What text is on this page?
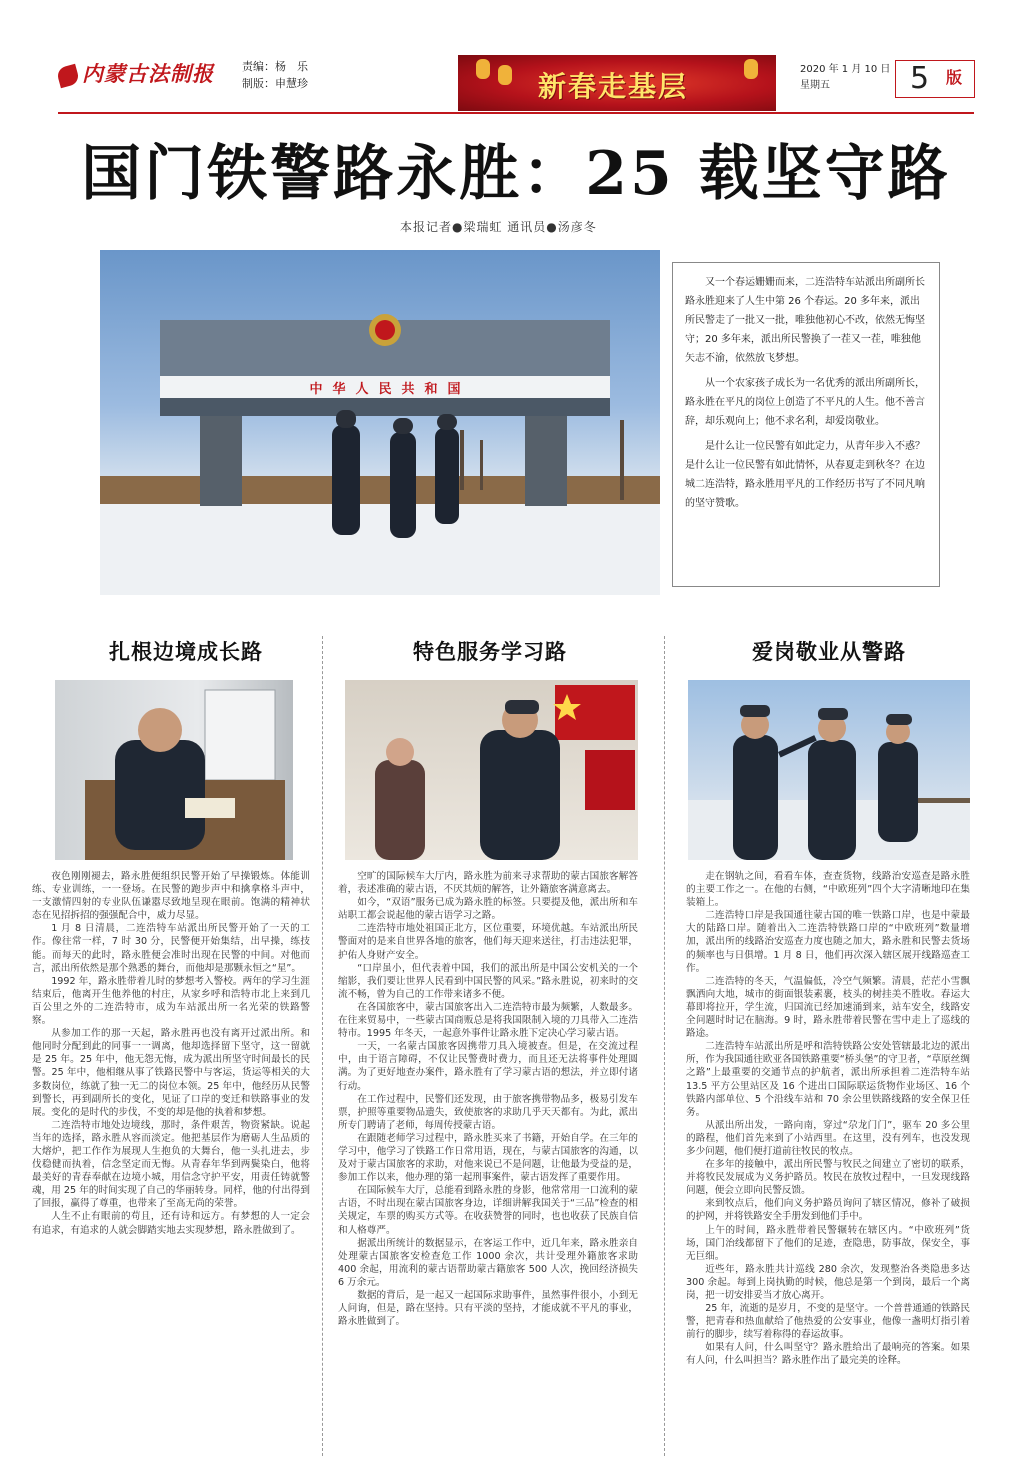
内蒙古法制报	责编：杨　乐
制版：申慧珍	新春走基层
2020 年 1 月 10 日
星期五	5 版
国门铁警路永胜：25 载坚守路
本报记者●梁瑞虹 通讯员●汤彦冬
中华人民共和国

又一个春运姗姗而来，二连浩特车站派出所副所长路永胜迎来了人生中第 26 个春运。20 多年来，派出所民警走了一批又一批，唯独他初心不改，依然无悔坚守；20 多年来，派出所民警换了一茬又一茬，唯独他矢志不渝，依然放飞梦想。

从一个农家孩子成长为一名优秀的派出所副所长，路永胜在平凡的岗位上创造了不平凡的人生。他不善言辞，却乐观向上；他不求名利，却爱岗敬业。

是什么让一位民警有如此定力，从青年步入不惑？是什么让一位民警有如此情怀，从春夏走到秋冬？在边城二连浩特，路永胜用平凡的工作经历书写了不同凡响的坚守赞歌。

扎根边境成长路	特色服务学习路	爱岗敬业从警路

夜色刚刚褪去，路永胜便组织民警开始了早操锻炼。体能训练、专业训练，一一登场。在民警的跑步声中和擒拿格斗声中，一支激情四射的专业队伍谦嚣尽致地呈现在眼前。饱满的精神状态在见招拆招的强强配合中，威力尽显。

1 月 8 日清晨，二连浩特车站派出所民警开始了一天的工作。像往常一样，7 时 30 分，民警便开始集结，出早操，练技能。而每天的此时，路永胜便会准时出现在民警的中间。对他而言，派出所依然是那个熟悉的舞台，而他却是那颗永恒之“星”。

1992 年，路永胜带着儿时的梦想考入警校。两年的学习生涯结束后，他离开生他养他的村庄，从家乡呼和浩特市北上来到几百公里之外的二连浩特市，成为车站派出所一名光荣的铁路警察。

从参加工作的那一天起，路永胜再也没有离开过派出所。和他同时分配到此的同事一一调离，他却选择留下坚守，这一留就是 25 年。25 年中，他无怨无悔，成为派出所坚守时间最长的民警。25 年中，他相继从事了铁路民警中与客运，货运等相关的大多数岗位，练就了独一无二的岗位本领。25 年中，他经历从民警到警长，再到副所长的变化，见证了口岸的变迁和铁路事业的发展。变化的是时代的步伐，不变的却是他的执着和梦想。

二连浩特市地处边境线，那时，条件艰苦，物资紧缺。说起当年的选择，路永胜从容而淡定。他把基层作为磨砺人生品质的大熔炉，把工作作为展现人生抱负的大舞台，他一头扎进去，步伐稳健而执着，信念坚定而无悔。从青春年华到两鬓染白，他将最美好的青春奉献在边境小城，用信念守护平安，用责任铸就警魂，用 25 年的时间实现了自己的华丽转身。同样，他的付出得到了回报，赢得了尊重，也带来了至高无尚的荣誉。

人生不止有眼前的苟且，还有诗和远方。有梦想的人一定会有追求，有追求的人就会脚踏实地去实现梦想，路永胜做到了。

空旷的国际候车大厅内，路永胜为前来寻求帮助的蒙古国旅客解答着，表述准确的蒙古语，不厌其烦的解答，让外籍旅客满意离去。

如今，“双语”服务已成为路永胜的标签。只要提及他，派出所和车站职工都会说起他的蒙古语学习之路。

二连浩特市地处祖国正北方，区位重要，环境优越。车站派出所民警面对的是来自世界各地的旅客，他们每天迎来送往，打击违法犯罪，护佑人身财产安全。

“口岸虽小，但代表着中国，我们的派出所是中国公安机关的一个缩影，我们要让世界人民看到中国民警的风采。”路永胜说，初来时的交流不畅，曾为自己的工作带来诸多不便。

在各国旅客中，蒙古国旅客出入二连浩特市最为频繁，人数最多。在往来贸易中，一些蒙古国商贩总是将我国限制入境的刀具带入二连浩特市。1995 年冬天，一起意外事件让路永胜下定决心学习蒙古语。

一天，一名蒙古国旅客因携带刀具入境被查。但是，在交流过程中，由于语言障碍，不仅让民警费时费力，而且还无法将事件处理圆满。为了更好地查办案件，路永胜有了学习蒙古语的想法，并立即付诸行动。

在工作过程中，民警们还发现，由于旅客携带物品多，极易引发车票，护照等重要物品遗失，致使旅客的求助几乎天天都有。为此，派出所专门聘请了老师，每周传授蒙古语。

在跟随老师学习过程中，路永胜买来了书籍，开始自学。在三年的学习中，他学习了铁路工作日常用语，现在，与蒙古国旅客的沟通，以及对于蒙古国旅客的求助，对他来说已不是问题，让他最为受益的是，参加工作以来，他办理的第一起刑事案件，蒙古语发挥了重要作用。

在国际候车大厅，总能看到路永胜的身影，他常常用一口流利的蒙古语，不时出现在蒙古国旅客身边，详细讲解我国关于“三品”检查的相关规定，车票的购买方式等。在收获赞誉的同时，也也收获了民族自信和人格尊严。

据派出所统计的数据显示，在客运工作中，近几年来，路永胜亲自处理蒙古国旅客安检查危工作 1000 余次，共计受理外籍旅客求助 400 余起，用流利的蒙古语帮助蒙古籍旅客 500 人次，挽回经济损失 6 万余元。

数据的背后，是一起又一起国际求助事件，虽然事件很小，小到无人问询，但是，路在坚持。只有平淡的坚持，才能成就不平凡的事业，路永胜做到了。

走在钢轨之间，看看车体，查查货物，线路治安巡查是路永胜的主要工作之一。在他的右侧，“中欧班列”四个大字清晰地印在集装箱上。

二连浩特口岸是我国通往蒙古国的唯一铁路口岸，也是中蒙最大的陆路口岸。随着出入二连浩特铁路口岸的“中欧班列”数量增加，派出所的线路治安巡查力度也随之加大，路永胜和民警去货场的频率也与日俱增。1 月 8 日，他们再次深入辖区展开线路巡查工作。

二连浩特的冬天，气温偏低，冷空气频繁。清晨，茫茫小雪飘飘洒向大地，城市的街面银装素裹，枝头的树挂美不胜收。春运大幕即将拉开，学生流，归国流已经加速涌到来，站车安全，线路安全问题时时记在脑海。9 时，路永胜带着民警在雪中走上了巡线的路途。

二连浩特车站派出所是呼和浩特铁路公安处管辖最北边的派出所，作为我国通往欧亚各国铁路重要“桥头堡”的守卫者，“草原丝绸之路”上最重要的交通节点的护航者，派出所承担着二连浩特车站 13.5 平方公里站区及 16 个进出口国际联运货物作业场区、16 个铁路内部单位、5 个沿线车站和 70 余公里铁路线路的安全保卫任务。

从派出所出发，一路向南，穿过“尕龙门门”，驱车 20 多公里的路程，他们首先来到了小站西里。在这里，没有列车，也没发现多少问题，他们便打道前往牧民的牧点。

在多年的接触中，派出所民警与牧民之间建立了密切的联系，并将牧民发展成为义务护路员。牧民在放牧过程中，一旦发现线路问题，便会立即向民警反馈。

来到牧点后，他们向义务护路员询问了辖区情况，修补了破损的护网，并将铁路安全手册发到他们手中。

上午的时间，路永胜带着民警辗转在辖区内。“中欧班列”货场，国门治线都留下了他们的足迹，查隐患，防事故，保安全，事无巨细。

近些年，路永胜共计巡线 280 余次，发现整治各类隐患多达 300 余起。每到上岗执勤的时候，他总是第一个到岗，最后一个离岗，把一切安排妥当才放心离开。

25 年，流逝的是岁月，不变的是坚守。一个普普通通的铁路民警，把青春和热血献给了他热爱的公安事业，他像一盏明灯指引着前行的脚步，续写着称得的春运故事。

如果有人问，什么叫坚守？路永胜给出了最响亮的答案。如果有人问，什么叫担当？路永胜作出了最完美的诠释。
